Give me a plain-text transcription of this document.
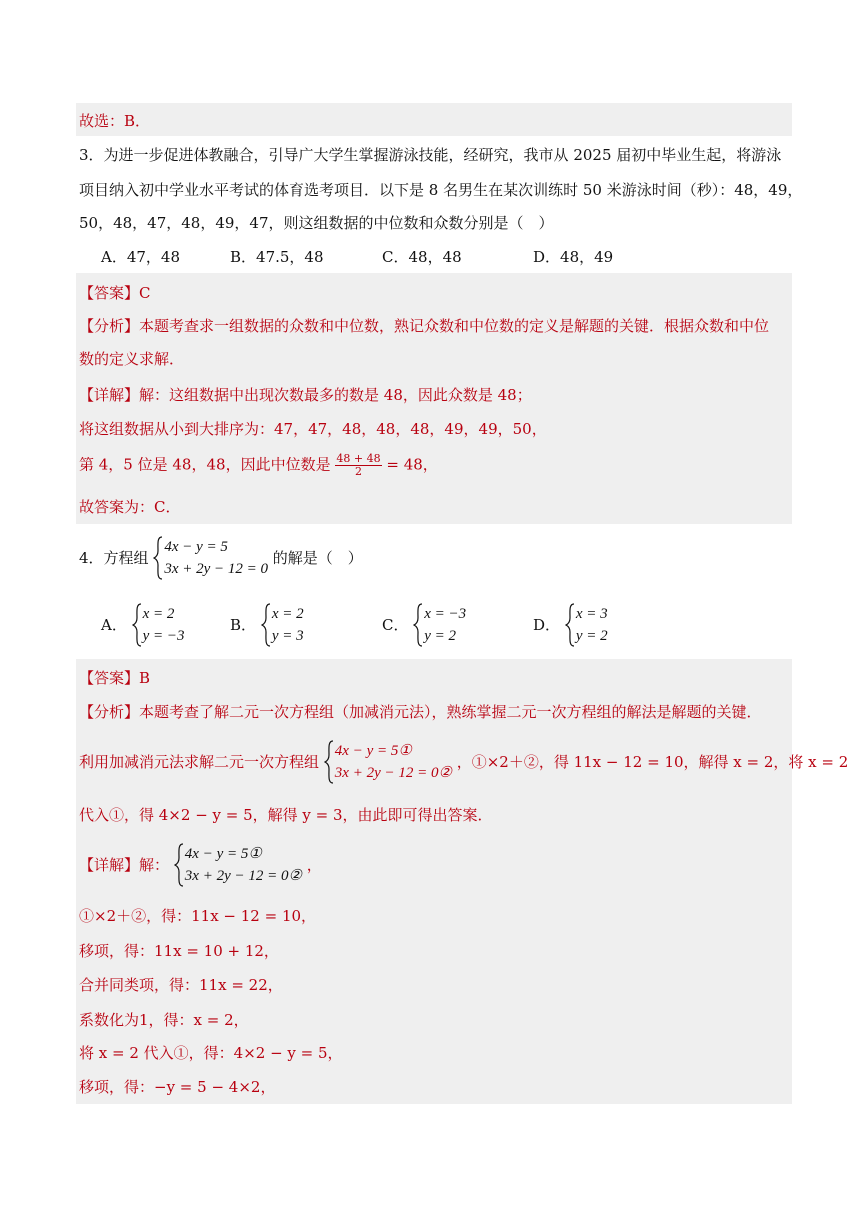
故选：B．
3．为进一步促进体教融合，引导广大学生掌握游泳技能，经研究，我市从 2025 届初中毕业生起，将游泳
项目纳入初中学业水平考试的体育选考项目．以下是 8 名男生在某次训练时 50 米游泳时间（秒）：48，49，
50，48，47，48，49，47，则这组数据的中位数和众数分别是（　）
A．47，48	B．47.5，48	C．48，48	D．48，49
【答案】C
【分析】本题考查求一组数据的众数和中位数，熟记众数和中位数的定义是解题的关键．根据众数和中位
数的定义求解．
【详解】解：这组数据中出现次数最多的数是 48，因此众数是 48；
将这组数据从小到大排序为：47，47，48，48，48，49，49，50，
第 4，5 位是 48，48，因此中位数是 $\frac{48 + 48}{2} = 48$，
故答案为：C．
4．方程组
4x − y = 5
3x + 2y − 12 = 0
的解是（　）
A．
x = 2
y = −3
B．
x = 2
y = 3
C．
x = −3
y = 2
D．
x = 3
y = 2
【答案】B
【分析】本题考查了解二元一次方程组（加减消元法），熟练掌握二元一次方程组的解法是解题的关键．
利用加减消元法求解二元一次方程组
4x − y = 5①
3x + 2y − 12 = 0②
，①×2＋②，得 11x − 12 = 10，解得 x = 2，将 x = 2
代入①，得 4×2 − y = 5，解得 y = 3，由此即可得出答案．
【详解】解：
4x − y = 5①
3x + 2y − 12 = 0②
，
①×2＋②，得：11x − 12 = 10，
移项，得：11x = 10 + 12，
合并同类项，得：11x = 22，
系数化为1，得：x = 2，
将 x = 2 代入①，得：4×2 − y = 5，
移项，得：−y = 5 − 4×2，
